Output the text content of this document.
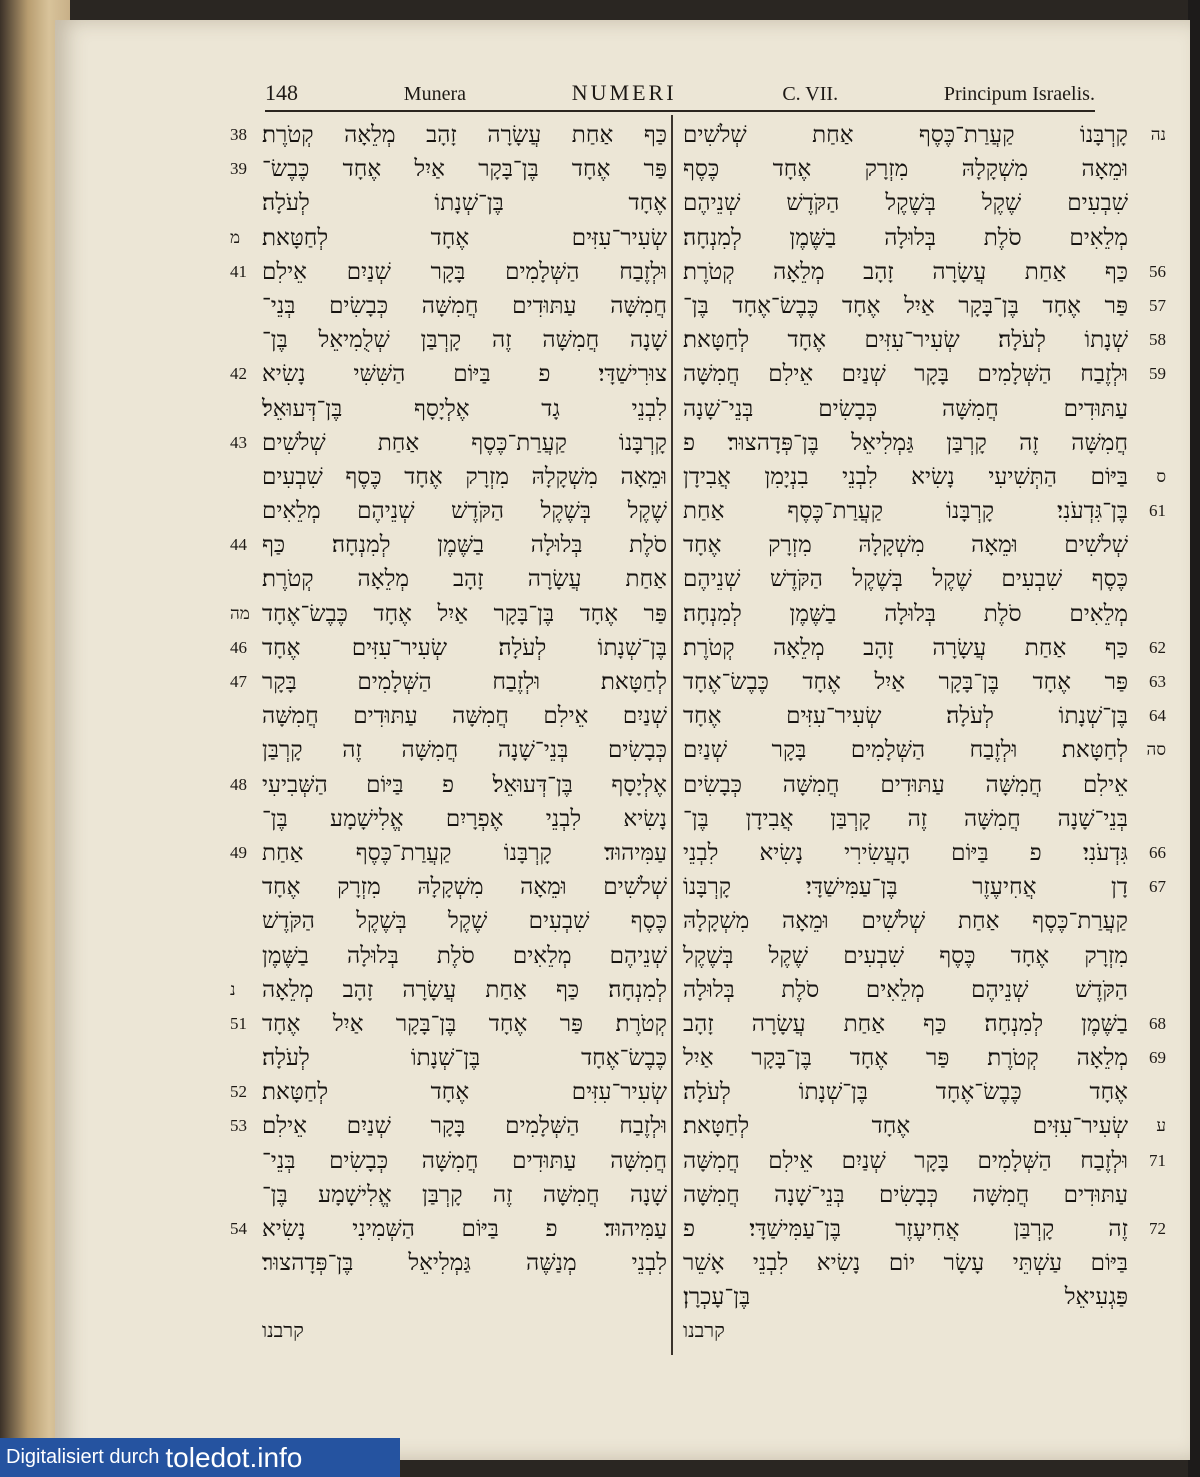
148	Munera	NUMERI	C. VII.	Principum Israelis.
כַּף אַחַת עֲשָׂרָה זָהָב מְלֵאָה קְטֹרֶת׃
38
פַּר אֶחָד בֶּן־בָּקָר אַיִל אֶחָד כֶּבֶשׂ־
39
אֶחָד בֶּן־שְׁנָתוֹ לְעֹלָה׃
שְׂעִיר־עִזִּים אֶחָד לְחַטָּאת׃
מ
וּלְזֶבַח הַשְּׁלָמִים בָּקָר שְׁנַיִם אֵילִם
41
חֲמִשָּׁה עַתּוּדִים חֲמִשָּׁה כְּבָשִׂים בְּנֵי־
שָׁנָה חֲמִשָּׁה זֶה קָרְבַּן שְׁלֻמִיאֵל בֶּן־
צוּרִישַׁדָּי׃ פ בַּיּוֹם הַשִּׁשִּׁי נָשִׂיא
42
לִבְנֵי גָד אֶלְיָסָף בֶּן־דְּעוּאֵל׃
קָרְבָּנוֹ קַעֲרַת־כֶּסֶף אַחַת שְׁלֹשִׁים
43
וּמֵאָה מִשְׁקָלָהּ מִזְרָק אֶחָד כֶּסֶף שִׁבְעִים
שֶׁקֶל בְּשֶׁקֶל הַקֹּדֶשׁ שְׁנֵיהֶם מְלֵאִים
סֹלֶת בְּלוּלָה בַשֶּׁמֶן לְמִנְחָה׃ כַּף
44
אַחַת עֲשָׂרָה זָהָב מְלֵאָה קְטֹרֶת׃
פַּר אֶחָד בֶּן־בָּקָר אַיִל אֶחָד כֶּבֶשׂ־אֶחָד
מה
בֶּן־שְׁנָתוֹ לְעֹלָה׃ שְׂעִיר־עִזִּים אֶחָד
46
לְחַטָּאת׃ וּלְזֶבַח הַשְּׁלָמִים בָּקָר
47
שְׁנַיִם אֵילִם חֲמִשָּׁה עַתּוּדִים חֲמִשָּׁה
כְּבָשִׂים בְּנֵי־שָׁנָה חֲמִשָּׁה זֶה קָרְבַּן
אֶלְיָסָף בֶּן־דְּעוּאֵל׃ פ בַּיּוֹם הַשְּׁבִיעִי
48
נָשִׂיא לִבְנֵי אֶפְרָיִם אֱלִישָׁמָע בֶּן־
עַמִּיהוּד׃ קָרְבָּנוֹ קַעֲרַת־כֶּסֶף אַחַת
49
שְׁלֹשִׁים וּמֵאָה מִשְׁקָלָהּ מִזְרָק אֶחָד
כֶּסֶף שִׁבְעִים שֶׁקֶל בְּשֶׁקֶל הַקֹּדֶשׁ
שְׁנֵיהֶם מְלֵאִים סֹלֶת בְּלוּלָה בַשֶּׁמֶן
לְמִנְחָה׃ כַּף אַחַת עֲשָׂרָה זָהָב מְלֵאָה
נ
קְטֹרֶת׃ פַּר אֶחָד בֶּן־בָּקָר אַיִל אֶחָד
51
כֶּבֶשׂ־אֶחָד בֶּן־שְׁנָתוֹ לְעֹלָה׃
שְׂעִיר־עִזִּים אֶחָד לְחַטָּאת׃
52
וּלְזֶבַח הַשְּׁלָמִים בָּקָר שְׁנַיִם אֵילִם
53
חֲמִשָּׁה עַתּוּדִים חֲמִשָּׁה כְּבָשִׂים בְּנֵי־
שָׁנָה חֲמִשָּׁה זֶה קָרְבַּן אֱלִישָׁמָע בֶּן־
עַמִּיהוּד׃ פ בַּיּוֹם הַשְּׁמִינִי נָשִׂיא
54
לִבְנֵי מְנַשֶּׁה גַּמְלִיאֵל בֶּן־פְּדָהצוּר׃
קָרְבָּנוֹ קַעֲרַת־כֶּסֶף אַחַת שְׁלֹשִׁים נה
וּמֵאָה מִשְׁקָלָהּ מִזְרָק אֶחָד כֶּסֶף
שִׁבְעִים שֶׁקֶל בְּשֶׁקֶל הַקֹּדֶשׁ שְׁנֵיהֶם
מְלֵאִים סֹלֶת בְּלוּלָה בַשֶּׁמֶן לְמִנְחָה׃
כַּף אַחַת עֲשָׂרָה זָהָב מְלֵאָה קְטֹרֶת׃ 56
פַּר אֶחָד בֶּן־בָּקָר אַיִל אֶחָד כֶּבֶשׂ־אֶחָד בֶּן־ 57
שְׁנָתוֹ לְעֹלָה׃ שְׂעִיר־עִזִּים אֶחָד לְחַטָּאת׃ 58
וּלְזֶבַח הַשְּׁלָמִים בָּקָר שְׁנַיִם אֵילִם חֲמִשָּׁה 59
עַתּוּדִים חֲמִשָּׁה כְּבָשִׂים בְּנֵי־שָׁנָה
חֲמִשָּׁה זֶה קָרְבַּן גַּמְלִיאֵל בֶּן־פְּדָהצוּר׃ פ
בַּיּוֹם הַתְּשִׁיעִי נָשִׂיא לִבְנֵי בִנְיָמִן אֲבִידָן ס
בֶּן־גִּדְעֹנִי׃ קָרְבָּנוֹ קַעֲרַת־כֶּסֶף אַחַת 61
שְׁלֹשִׁים וּמֵאָה מִשְׁקָלָהּ מִזְרָק אֶחָד
כֶּסֶף שִׁבְעִים שֶׁקֶל בְּשֶׁקֶל הַקֹּדֶשׁ שְׁנֵיהֶם
מְלֵאִים סֹלֶת בְּלוּלָה בַשֶּׁמֶן לְמִנְחָה׃
כַּף אַחַת עֲשָׂרָה זָהָב מְלֵאָה קְטֹרֶת׃ 62
פַּר אֶחָד בֶּן־בָּקָר אַיִל אֶחָד כֶּבֶשׂ־אֶחָד 63
בֶּן־שְׁנָתוֹ לְעֹלָה׃ שְׂעִיר־עִזִּים אֶחָד 64
לְחַטָּאת׃ וּלְזֶבַח הַשְּׁלָמִים בָּקָר שְׁנַיִם סה
אֵילִם חֲמִשָּׁה עַתּוּדִים חֲמִשָּׁה כְּבָשִׂים
בְּנֵי־שָׁנָה חֲמִשָּׁה זֶה קָרְבַּן אֲבִידָן בֶּן־
גִּדְעֹנִי׃ פ בַּיּוֹם הָעֲשִׂירִי נָשִׂיא לִבְנֵי 66
דָן אֲחִיעֶזֶר בֶּן־עַמִּישַׁדָּי׃ קָרְבָּנוֹ 67
קַעֲרַת־כֶּסֶף אַחַת שְׁלֹשִׁים וּמֵאָה מִשְׁקָלָהּ
מִזְרָק אֶחָד כֶּסֶף שִׁבְעִים שֶׁקֶל בְּשֶׁקֶל
הַקֹּדֶשׁ שְׁנֵיהֶם מְלֵאִים סֹלֶת בְּלוּלָה
בַשֶּׁמֶן לְמִנְחָה׃ כַּף אַחַת עֲשָׂרָה זָהָב 68
מְלֵאָה קְטֹרֶת׃ פַּר אֶחָד בֶּן־בָּקָר אַיִל 69
אֶחָד כֶּבֶשׂ־אֶחָד בֶּן־שְׁנָתוֹ לְעֹלָה׃
שְׂעִיר־עִזִּים אֶחָד לְחַטָּאת׃ ע
וּלְזֶבַח הַשְּׁלָמִים בָּקָר שְׁנַיִם אֵילִם חֲמִשָּׁה 71
עַתּוּדִים חֲמִשָּׁה כְּבָשִׂים בְּנֵי־שָׁנָה חֲמִשָּׁה
זֶה קָרְבַּן אֲחִיעֶזֶר בֶּן־עַמִּישַׁדָּי׃ פ 72
בַּיּוֹם עַשְׁתֵּי עָשָׂר יוֹם נָשִׂיא לִבְנֵי אָשֵׁר
פַּגְעִיאֵל בֶּן־עָכְרָן׃
קרבנו	קרבנו
Digitalisiert durch toledot.info
